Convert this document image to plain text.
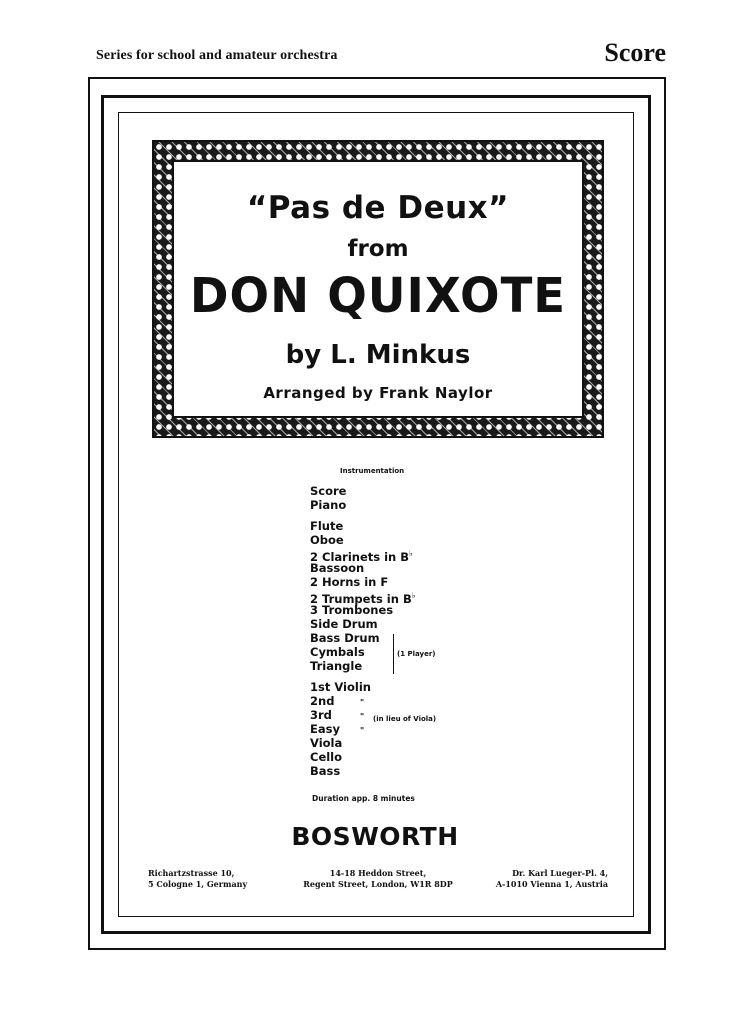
Series for school and amateur orchestra	Score
“Pas de Deux”
from
DON QUIXOTE
by L. Minkus
Arranged by Frank Naylor
Instrumentation
Score
Piano
Flute
Oboe
2 Clarinets in B♭
Bassoon
2 Horns in F
2 Trumpets in B♭
3 Trombones
Side Drum
Bass Drum
Cymbals
Triangle
1st Violin
2nd
3rd
Easy
Viola
Cello
Bass
(1 Player)
"
"
"
(in lieu of Viola)
Duration app. 8 minutes
BOSWORTH
Richartzstrasse 10,
5 Cologne 1, Germany
14-18 Heddon Street,
Regent Street, London, W1R 8DP
Dr. Karl Lueger-Pl. 4,
A-1010 Vienna 1, Austria
